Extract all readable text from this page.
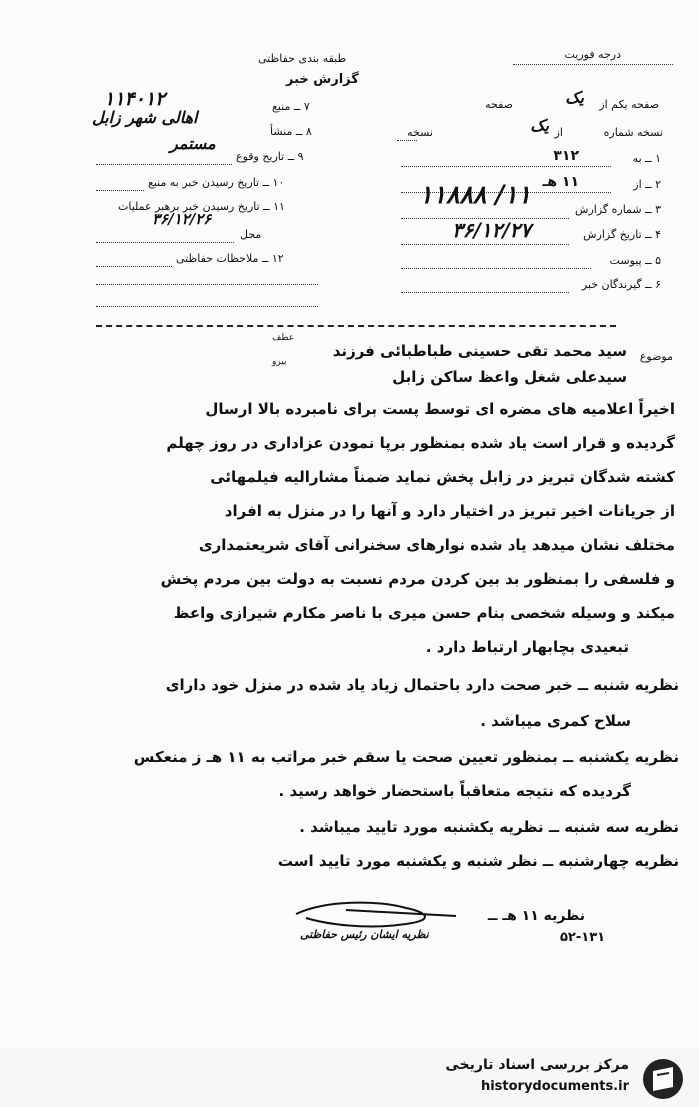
درجه فوریت
طبقه بندی حفاظتی
گزارش خبر
صفحه یکم از
یک
صفحه
نسخه شماره
از
یک
نسخه
۱ ــ به
۳۱۲
۲ ــ از
۱۱ هـ
۳ ــ شماره گزارش
۱۱۸۸۸ /۱۱
۴ ــ تاریخ گزارش
۳۶/۱۲/۲۷
۵ ــ پیوست
۶ ــ گیرندگان خبر
۷ ــ منبع
۱۱۴۰۱۲
۸ ــ منشأ
اهالی شهر زابل
۹ ــ تاریخ وقوع
مستمر
۱۰ ــ تاریخ رسیدن خبر به منبع
۱۱ ــ تاریخ رسیدن خبر برهبر عملیات
۳۶/۱۲/۲۶
محل
۱۲ ــ ملاحظات حفاظتی
موضوع
سید محمد تقی حسینی طباطبائی فرزند
عطف
بیرو
سیدعلی شغل واعظ ساکن زابل
اخیراً اعلامیه های مضره ای توسط پست برای نامبرده بالا ارسال
گردیده و قرار است یاد شده بمنظور برپا نمودن عزاداری در روز چهلم
کشته شدگان تبریز در زابل پخش نماید ضمناً مشارالیه فیلمهائی
از جریانات اخیر تبریز در اختیار دارد و آنها را در منزل به افراد
مختلف نشان میدهد یاد شده نوارهای سخنرانی آقای شریعتمداری
و فلسفی را بمنظور بد بین کردن مردم نسبت به دولت بین مردم پخش
میکند و وسیله شخصی بنام حسن میری با ناصر مکارم شیرازی واعظ
تبعیدی بچابهار ارتباط دارد .
نظریه شنبه ــ خبر صحت دارد باحتمال زیاد یاد شده در منزل خود دارای
سلاح کمری میباشد .
نظریه یکشنبه ــ بمنظور تعیین صحت یا سقم خبر مراتب به ۱۱ هـ ز منعکس
گردیده که نتیجه متعاقباً باستحضار خواهد رسید .
نظریه سه شنبه ــ نظریه یکشنبه مورد تایید میباشد .
نظریه چهارشنبه ــ نظر شنبه و یکشنبه مورد تایید است
نظریه ۱۱ هـ ــ
نظریه ایشان رئیس حفاظتی	۵۲-۱۳۱
مرکز بررسی اسناد تاریخی
historydocuments.ir
